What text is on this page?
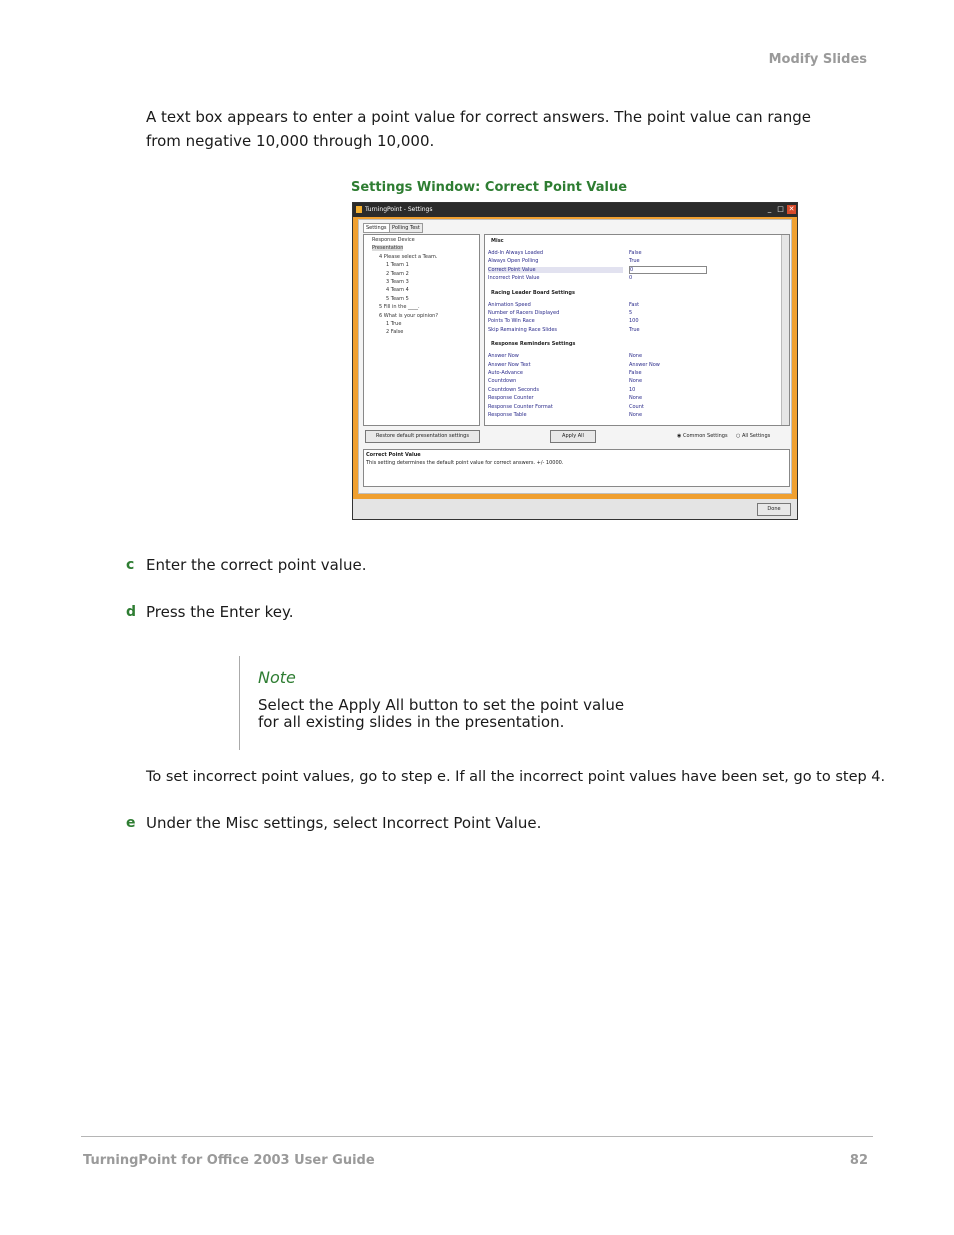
Modify Slides
A text box appears to enter a point value for correct answers. The point value can range from negative 10,000 through 10,000.
Settings Window: Correct Point Value
TurningPoint - Settings	_ □ ✕
Settings	Polling Test
Response Device
Presentation
4 Please select a Team.
1 Team 1
2 Team 2
3 Team 3
4 Team 4
5 Team 5
5 Fill in the ____.
6 What is your opinion?
1 True
2 False
Misc
Add-In Always Loaded	False
Always Open Polling	True
Correct Point Value	0
Incorrect Point Value	0
Racing Leader Board Settings
Animation Speed	Fast
Number of Racers Displayed	5
Points To Win Race	100
Skip Remaining Race Slides	True
Response Reminders Settings
Answer Now	None
Answer Now Text	Answer Now
Auto-Advance	False
Countdown	None
Countdown Seconds	10
Response Counter	None
Response Counter Format	Count
Response Table	None
Restore default presentation settings	Apply All	◉ Common Settings ○ All Settings
Correct Point Value
This setting determines the default point value for correct answers. +/- 10000.
Done
c Enter the correct point value.
d Press the Enter key.
Note
Select the Apply All button to set the point value for all existing slides in the presentation.
To set incorrect point values, go to step e. If all the incorrect point values have been set, go to step 4.
e Under the Misc settings, select Incorrect Point Value.
TurningPoint for Office 2003 User Guide	82
